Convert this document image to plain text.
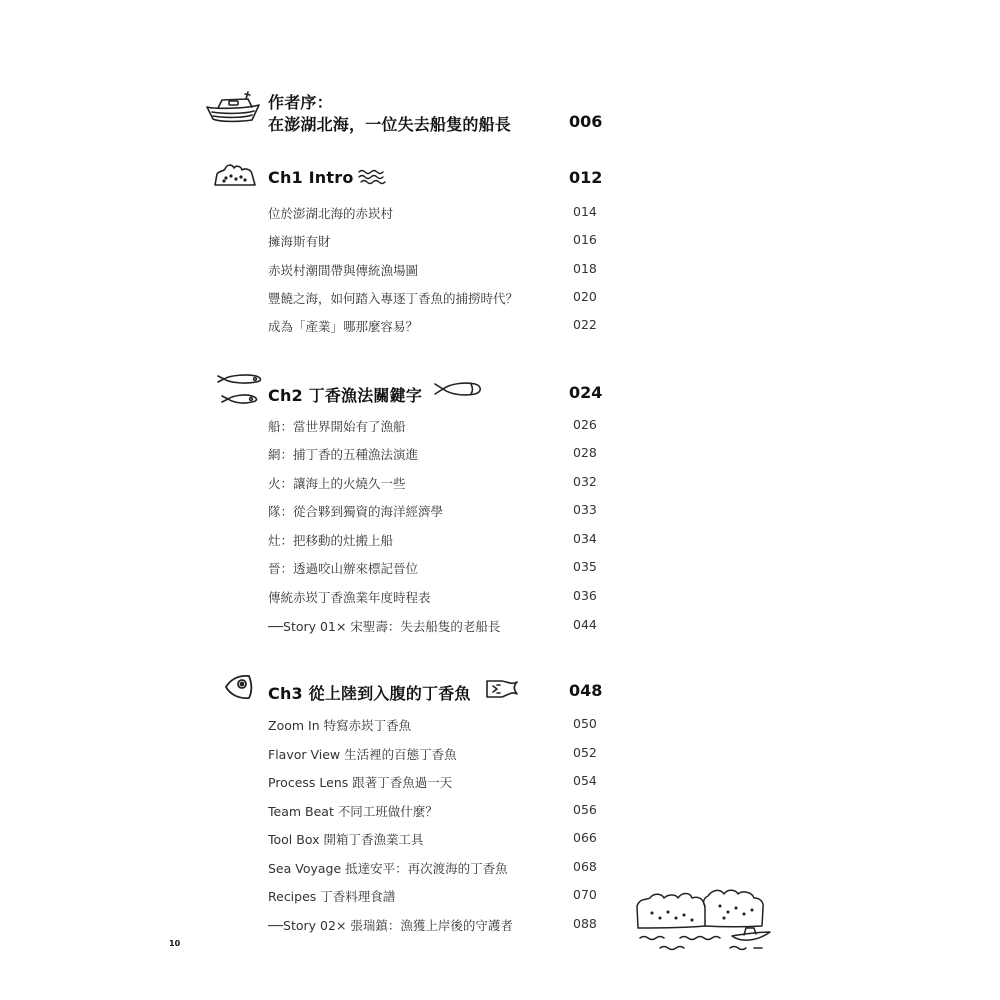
作者序：
在澎湖北海，一位失去船隻的船長	006
Ch1 Intro	012
位於澎湖北海的赤崁村	014
擁海斯有財	016
赤崁村潮間帶與傳統漁場圖	018
豐饒之海，如何踏入專逐丁香魚的捕撈時代？	020
成為「產業」哪那麼容易？	022
Ch2 丁香漁法關鍵字	024
船：當世界開始有了漁船	026
網：捕丁香的五種漁法演進	028
火：讓海上的火燒久一些	032
隊：從合夥到獨資的海洋經濟學	033
灶：把移動的灶搬上船	034
晉：透過咬山辦來標記晉位	035
傳統赤崁丁香漁業年度時程表	036
──Story 01× 宋聖壽：失去船隻的老船長	044
Ch3 從上陸到入腹的丁香魚	048
Zoom In 特寫赤崁丁香魚	050
Flavor View 生活裡的百態丁香魚	052
Process Lens 跟著丁香魚過一天	054
Team Beat 不同工班做什麼？	056
Tool Box 開箱丁香漁業工具	066
Sea Voyage 抵達安平：再次渡海的丁香魚	068
Recipes 丁香料理食譜	070
──Story 02× 張瑞鎮：漁獲上岸後的守護者	088
10
